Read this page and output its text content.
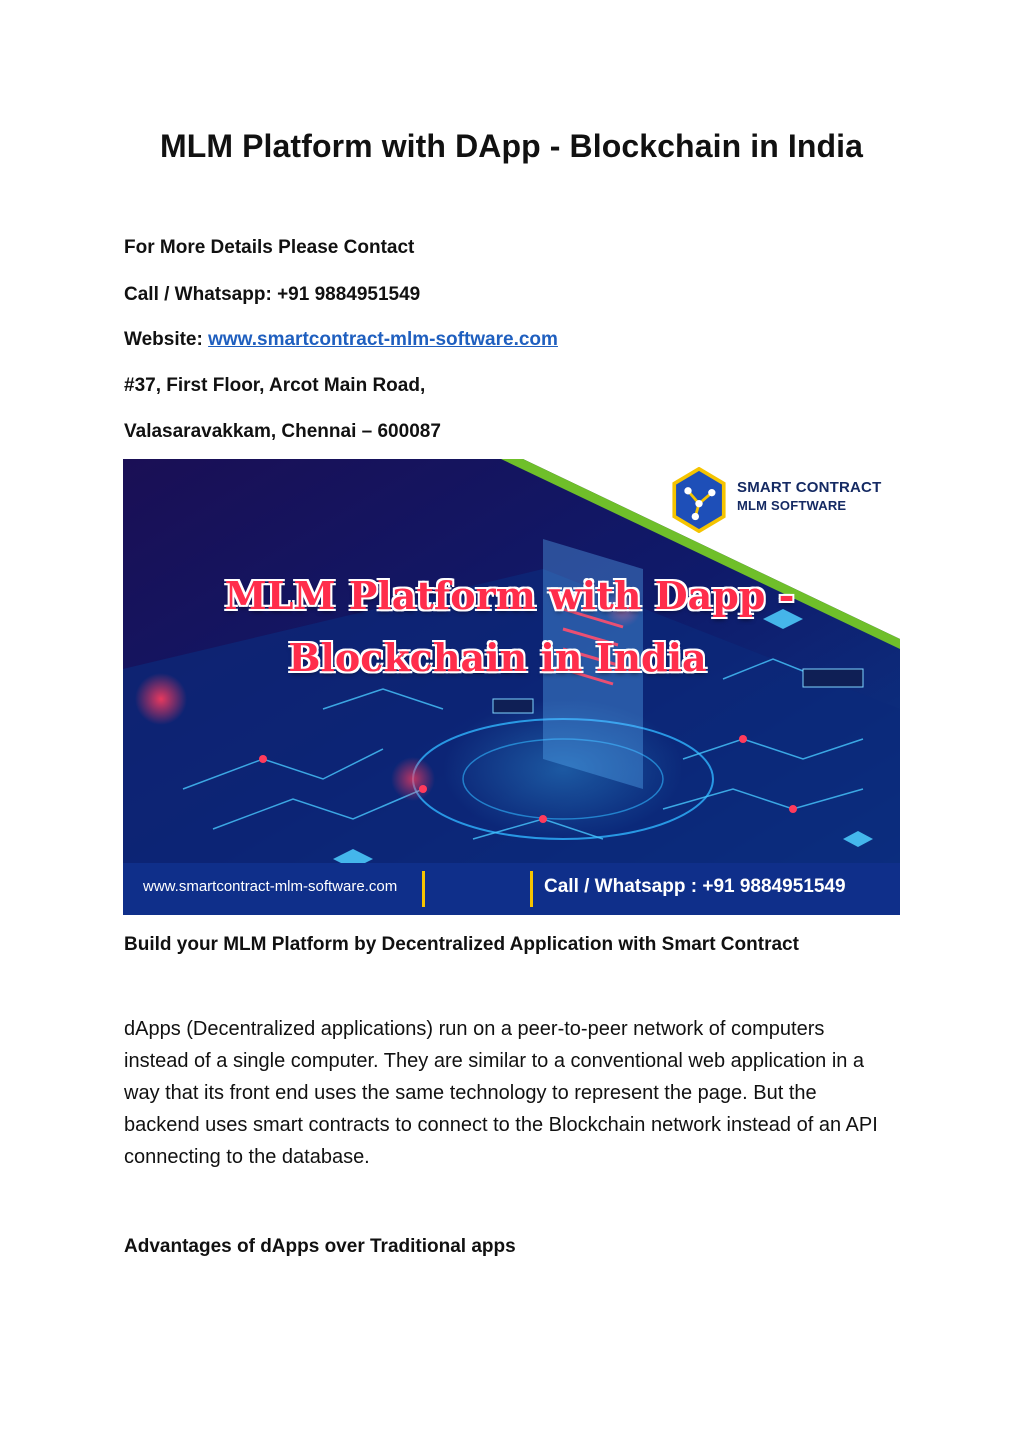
MLM Platform with DApp - Blockchain in India

For More Details Please Contact

Call / Whatsapp: +91 9884951549

Website: www.smartcontract-mlm-software.com

#37, First Floor, Arcot Main Road,

Valasaravakkam, Chennai – 600087

SMART CONTRACT
MLM SOFTWARE
MLM Platform with Dapp -
Blockchain in India
www.smartcontract-mlm-software.com	Call / Whatsapp : +91 9884951549

Build your MLM Platform by Decentralized Application with Smart Contract

dApps (Decentralized applications) run on a peer-to-peer network of computers instead of a single computer. They are similar to a conventional web application in a way that its front end uses the same technology to represent the page. But the backend uses smart contracts to connect to the Blockchain network instead of an API connecting to the database.

Advantages of dApps over Traditional apps
